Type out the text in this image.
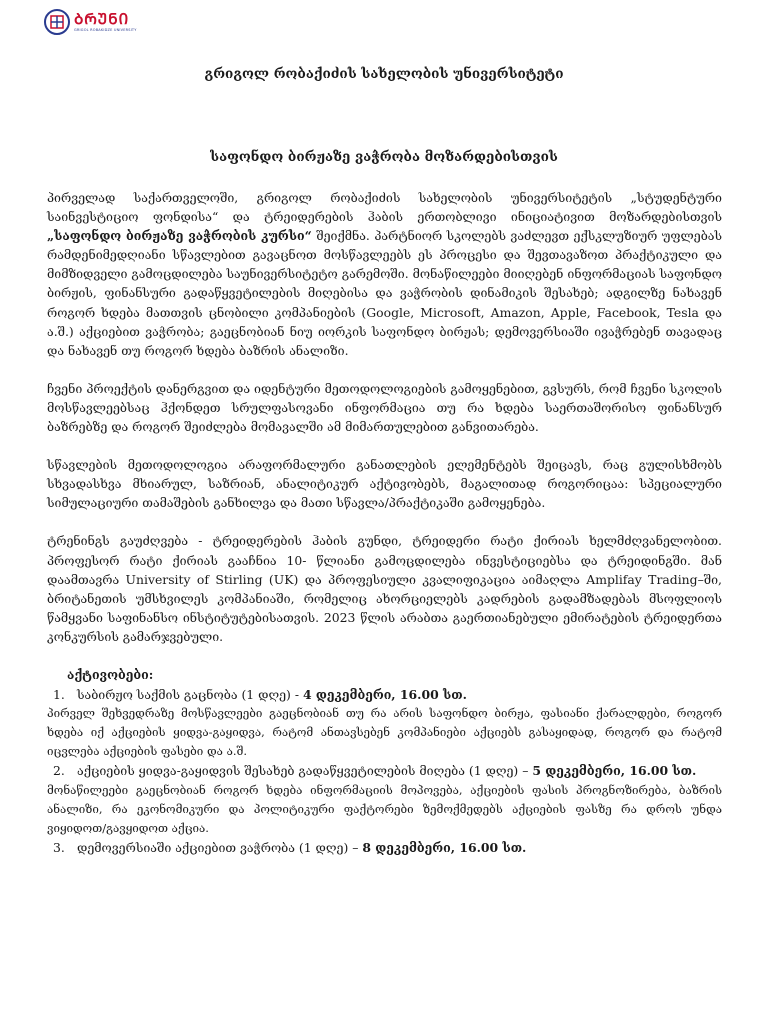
ᲑᲠᲣᲜᲘ
GRIGOL ROBAKIDZE UNIVERSITY
გრიგოლ რობაქიძის სახელობის უნივერსიტეტი
საფონდო ბირჟაზე ვაჭრობა მოზარდებისთვის

პირველად საქართველოში, გრიგოლ რობაქიძის სახელობის უნივერსიტეტის „სტუდენტური საინვესტიციო ფონდისა“ და ტრეიდერების ჰაბის ერთობლივი ინიციატივით მოზარდებისთვის „საფონდო ბირჟაზე ვაჭრობის კურსი“ შეიქმნა. პარტნიორ სკოლებს ვაძლევთ ექსკლუზიურ უფლებას რამდენიმედღიანი სწავლებით გავაცნოთ მოსწავლეებს ეს პროცესი და შევთავაზოთ პრაქტიკული და მიმზიდველი გამოცდილება საუნივერსიტეტო გარემოში. მონაწილეები მიიღებენ ინფორმაციას საფონდო ბირჟის, ფინანსური გადაწყვეტილების მიღებისა და ვაჭრობის დინამიკის შესახებ; ადგილზე ნახავენ როგორ ხდება მათთვის ცნობილი კომპანიების (Google, Microsoft, Amazon, Apple, Facebook, Tesla და ა.შ.) აქციებით ვაჭრობა; გაეცნობიან ნიუ იორკის საფონდო ბირჟას; დემოვერსიაში ივაჭრებენ თავადაც და ნახავენ თუ როგორ ხდება ბაზრის ანალიზი.

ჩვენი პროექტის დანერგვით და იდენტური მეთოდოლოგიების გამოყენებით, გვსურს, რომ ჩვენი სკოლის მოსწავლეებსაც ჰქონდეთ სრულფასოვანი ინფორმაცია თუ რა ხდება საერთაშორისო ფინანსურ ბაზრებზე და როგორ შეიძლება მომავალში ამ მიმართულებით განვითარება.

სწავლების მეთოდოლოგია არაფორმალური განათლების ელემენტებს შეიცავს, რაც გულისხმობს სხვადასხვა მხიარულ, საზრიან, ანალიტიკურ აქტივობებს, მაგალითად როგორიცაა: სპეციალური სიმულაციური თამაშების განხილვა და მათი სწავლა/პრაქტიკაში გამოყენება.

ტრენინგს გაუძღვება - ტრეიდერების ჰაბის გუნდი, ტრეიდერი რატი ქირიას ხელმძღვანელობით. პროფესორ რატი ქირიას გააჩნია 10- წლიანი გამოცდილება ინვესტიციებსა და ტრეიდინგში. მან დაამთავრა University of Stirling (UK) და პროფესიული კვალიფიკაცია აიმაღლა Amplifay Trading–ში, ბრიტანეთის უმსხვილეს კომპანიაში, რომელიც ახორციელებს კადრების გადამზადებას მსოფლიოს წამყვანი საფინანსო ინსტიტუტებისათვის. 2023 წლის არაბთა გაერთიანებული ემირატების ტრეიდერთა კონკურსის გამარჯვებული.

აქტივობები:
1. საბირჟო საქმის გაცნობა (1 დღე) - 4 დეკემბერი, 16.00 სთ.
პირველ შეხვედრაზე მოსწავლეები გაეცნობიან თუ რა არის საფონდო ბირჟა, ფასიანი ქარალდები, როგორ ხდება იქ აქციების ყიდვა-გაყიდვა, რატომ ანთავსებენ კომპანიები აქციებს გასაყიდად, როგორ და რატომ იცვლება აქციების ფასები და ა.შ.
2. აქციების ყიდვა-გაყიდვის შესახებ გადაწყვეტილების მიღება (1 დღე) – 5 დეკემბერი, 16.00 სთ.
მონაწილეები გაეცნობიან როგორ ხდება ინფორმაციის მოპოვება, აქციების ფასის პროგნოზირება, ბაზრის ანალიზი, რა ეკონომიკური და პოლიტიკური ფაქტორები ზემოქმედებს აქციების ფასზე რა დროს უნდა ვიყიდოთ/გავყიდოთ აქცია.
3. დემოვერსიაში აქციებით ვაჭრობა (1 დღე) – 8 დეკემბერი, 16.00 სთ.
